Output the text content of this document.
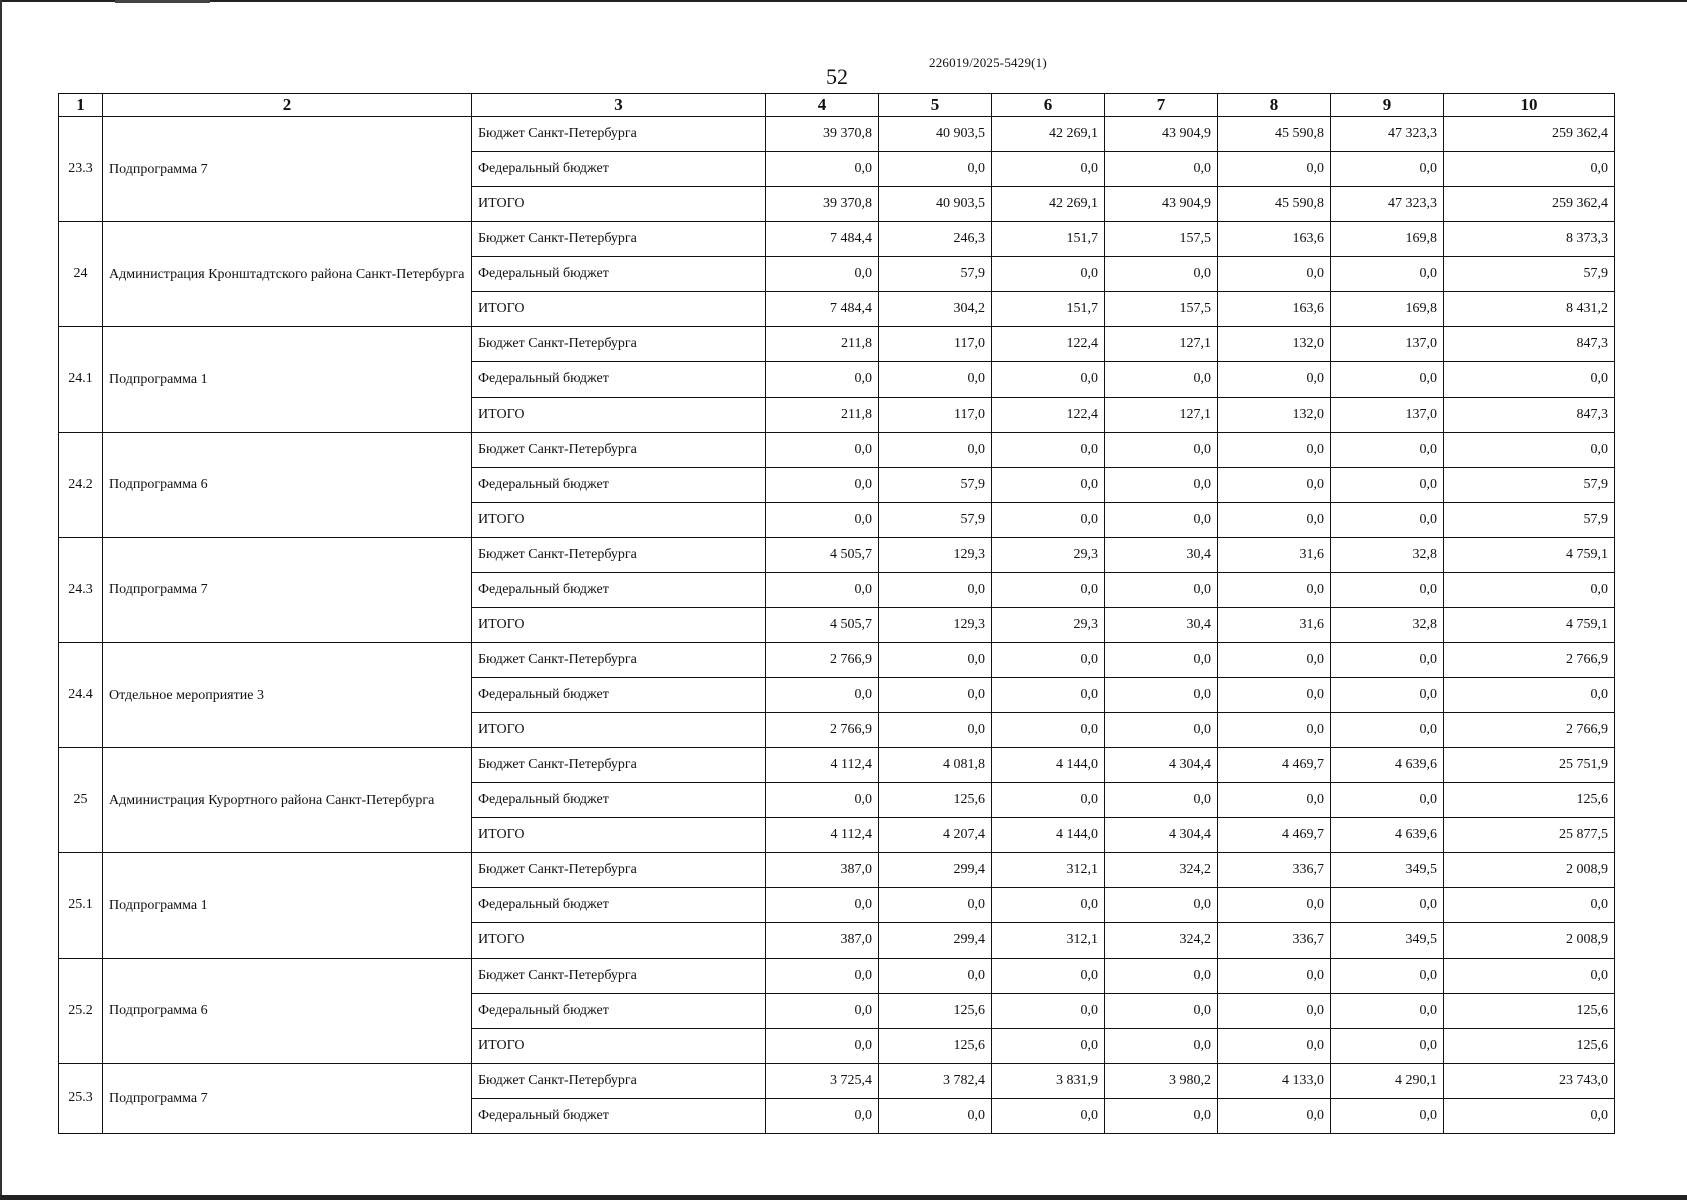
226019/2025-5429(1)
52
1	2	3	4	5	6	7	8	9	10
23.3	Подпрограмма 7	Бюджет Санкт-Петербурга	39 370,8	40 903,5	42 269,1	43 904,9	45 590,8	47 323,3	259 362,4
		Федеральный бюджет	0,0	0,0	0,0	0,0	0,0	0,0	0,0
		ИТОГО	39 370,8	40 903,5	42 269,1	43 904,9	45 590,8	47 323,3	259 362,4
24	Администрация Кронштадтского района Санкт-Петербурга	Бюджет Санкт-Петербурга	7 484,4	246,3	151,7	157,5	163,6	169,8	8 373,3
		Федеральный бюджет	0,0	57,9	0,0	0,0	0,0	0,0	57,9
		ИТОГО	7 484,4	304,2	151,7	157,5	163,6	169,8	8 431,2
24.1	Подпрограмма 1	Бюджет Санкт-Петербурга	211,8	117,0	122,4	127,1	132,0	137,0	847,3
		Федеральный бюджет	0,0	0,0	0,0	0,0	0,0	0,0	0,0
		ИТОГО	211,8	117,0	122,4	127,1	132,0	137,0	847,3
24.2	Подпрограмма 6	Бюджет Санкт-Петербурга	0,0	0,0	0,0	0,0	0,0	0,0	0,0
		Федеральный бюджет	0,0	57,9	0,0	0,0	0,0	0,0	57,9
		ИТОГО	0,0	57,9	0,0	0,0	0,0	0,0	57,9
24.3	Подпрограмма 7	Бюджет Санкт-Петербурга	4 505,7	129,3	29,3	30,4	31,6	32,8	4 759,1
		Федеральный бюджет	0,0	0,0	0,0	0,0	0,0	0,0	0,0
		ИТОГО	4 505,7	129,3	29,3	30,4	31,6	32,8	4 759,1
24.4	Отдельное мероприятие 3	Бюджет Санкт-Петербурга	2 766,9	0,0	0,0	0,0	0,0	0,0	2 766,9
		Федеральный бюджет	0,0	0,0	0,0	0,0	0,0	0,0	0,0
		ИТОГО	2 766,9	0,0	0,0	0,0	0,0	0,0	2 766,9
25	Администрация Курортного района Санкт-Петербурга	Бюджет Санкт-Петербурга	4 112,4	4 081,8	4 144,0	4 304,4	4 469,7	4 639,6	25 751,9
		Федеральный бюджет	0,0	125,6	0,0	0,0	0,0	0,0	125,6
		ИТОГО	4 112,4	4 207,4	4 144,0	4 304,4	4 469,7	4 639,6	25 877,5
25.1	Подпрограмма 1	Бюджет Санкт-Петербурга	387,0	299,4	312,1	324,2	336,7	349,5	2 008,9
		Федеральный бюджет	0,0	0,0	0,0	0,0	0,0	0,0	0,0
		ИТОГО	387,0	299,4	312,1	324,2	336,7	349,5	2 008,9
25.2	Подпрограмма 6	Бюджет Санкт-Петербурга	0,0	0,0	0,0	0,0	0,0	0,0	0,0
		Федеральный бюджет	0,0	125,6	0,0	0,0	0,0	0,0	125,6
		ИТОГО	0,0	125,6	0,0	0,0	0,0	0,0	125,6
25.3	Подпрограмма 7	Бюджет Санкт-Петербурга	3 725,4	3 782,4	3 831,9	3 980,2	4 133,0	4 290,1	23 743,0
		Федеральный бюджет	0,0	0,0	0,0	0,0	0,0	0,0	0,0
